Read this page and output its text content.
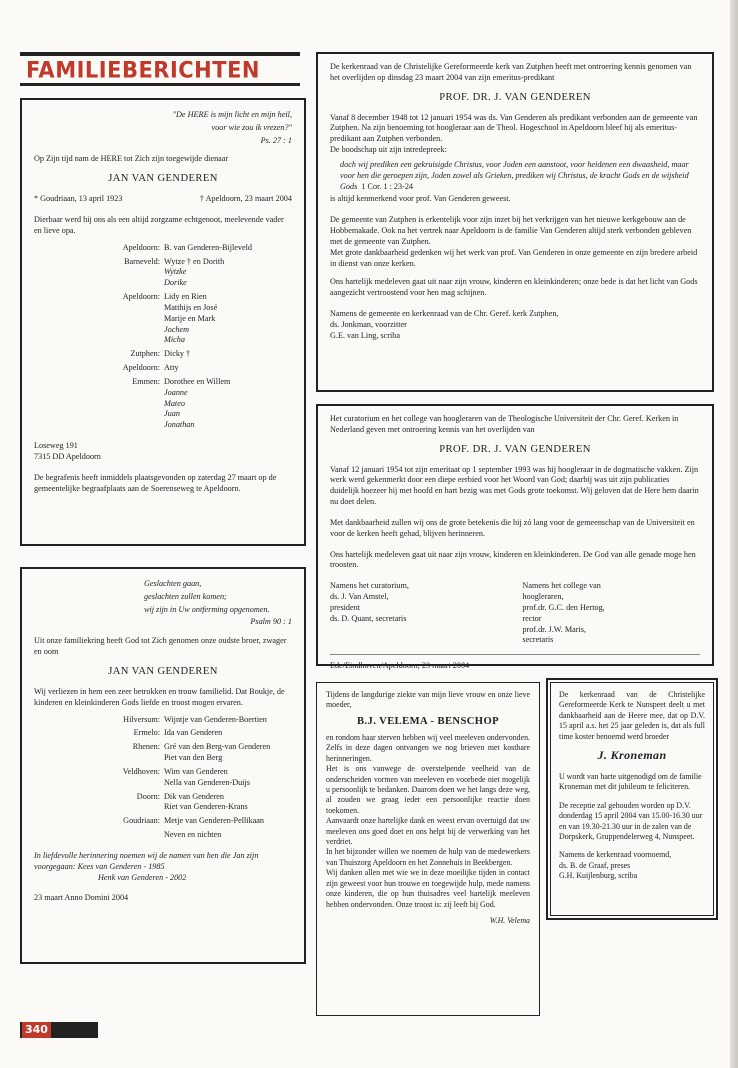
FAMILIEBERICHTEN
"De HERE is mijn licht en mijn heil,
voor wie zou ik vrezen?"
Ps. 27 : 1

Op Zijn tijd nam de HERE tot Zich zijn toegewijde dienaar

JAN VAN GENDEREN
* Goudriaan, 13 april 1923	† Apeldoorn, 23 maart 2004

Dierbaar werd hij ons als een altijd zorgzame echtgenoot, meelevende vader en lieve opa.

Apeldoorn: B. van Genderen-Bijleveld
Barneveld: Wytze † en Dorith
Wytzke
Dorike
Apeldoorn: Lidy en Rien
Matthijs en José
Marije en Mark
Jochem
Micha
Zutphen: Dicky †
Apeldoorn: Atty
Emmen: Dorothee en Willem
Joanne
Mateo
Juan
Jonathan
Loseweg 191
7315 DD Apeldoorn

De begrafenis heeft inmiddels plaatsgevonden op zaterdag 27 maart op de gemeentelijke begraafplaats aan de Soerenseweg te Apeldoorn.

Geslachten gaan,
geslachten zullen komen;
wij zijn in Uw ontferming opgenomen.
Psalm 90 : 1

Uit onze familiekring heeft God tot Zich genomen onze oudste broer, zwager en oom

JAN VAN GENDEREN

Wij verliezen in hem een zeer betrokken en trouw familielid. Dat Boukje, de kinderen en kleinkinderen Gods liefde en troost mogen ervaren.

Hilversum: Wijntje van Genderen-Boertien
Ermelo: Ida van Genderen
Rhenen: Gré van den Berg-van Genderen
Piet van den Berg
Veldhoven: Wim van Genderen
Nella van Genderen-Duijs
Doorn: Dik van Genderen
Riet van Genderen-Krans
Goudriaan: Metje van Genderen-Pellikaan
Neven en nichten

In liefdevolle herinnering noemen wij de namen van hen die Jan zijn voorgegaan: Kees van Genderen - 1985
Henk van Genderen - 2002

23 maart Anno Domini 2004

De kerkenraad van de Christelijke Gereformeerde kerk van Zutphen heeft met ontroering kennis genomen van het overlijden op dinsdag 23 maart 2004 van zijn emeritus-predikant

PROF. DR. J. VAN GENDEREN

Vanaf 8 december 1948 tot 12 januari 1954 was ds. Van Genderen als predikant verbonden aan de gemeente van Zutphen. Na zijn benoeming tot hoogleraar aan de Theol. Hogeschool in Apeldoorn bleef hij als emeritus-predikant aan Zutphen verbonden.
De boodschap uit zijn intredepreek:

doch wij prediken een gekruisigde Christus, voor Joden een aanstoot, voor heidenen een dwaasheid, maar voor hen die geroepen zijn, Joden zowel als Grieken, prediken wij Christus, de kracht Gods en de wijsheid Gods 1 Cor. 1 : 23-24

is altijd kenmerkend voor prof. Van Genderen geweest.

De gemeente van Zutphen is erkentelijk voor zijn inzet bij het verkrijgen van het nieuwe kerkgebouw aan de Hobbemakade. Ook na het vertrek naar Apeldoorn is de familie Van Genderen altijd sterk verbonden gebleven met de gemeente van Zutphen.
Met grote dankbaarheid gedenken wij het werk van prof. Van Genderen in onze gemeente en zijn bredere arbeid in dienst van onze kerken.

Ons hartelijk medeleven gaat uit naar zijn vrouw, kinderen en kleinkinderen; onze bede is dat het licht van Gods aangezicht vertroostend voor hen mag schijnen.

Namens de gemeente en kerkenraad van de Chr. Geref. kerk Zutphen,
ds. Jonkman, voorzitter
G.E. van Ling, scriba

Het curatorium en het college van hoogleraren van de Theologische Universiteit der Chr. Geref. Kerken in Nederland geven met ontroering kennis van het overlijden van

PROF. DR. J. VAN GENDEREN

Vanaf 12 januari 1954 tot zijn emeritaat op 1 september 1993 was hij hoogleraar in de dogmatische vakken. Zijn werk werd gekenmerkt door een diepe eerbied voor het Woord van God; daarbij was uit zijn publicaties duidelijk hoezeer hij met hoofd en hart bezig was met Gods grote toekomst. Wij geloven dat de Here hem daarin nu doet delen.

Met dankbaarheid zullen wij ons de grote betekenis die hij zó lang voor de gemeenschap van de Universiteit en voor de kerken heeft gehad, blijven herinneren.

Ons hartelijk medeleven gaat uit naar zijn vrouw, kinderen en kleinkinderen. De God van alle genade moge hen troosten.

Namens het curatorium,
ds. J. Van Amstel, president
ds. D. Quant, secretaris
Namens het college van hoogleraren,
prof.dr. G.C. den Hertog, rector
prof.dr. J.W. Maris, secretaris
Ede/Eindhoven/Apeldoorn, 23 maart 2004

Tijdens de langdurige ziekte van mijn lieve vrouw en onze lieve moeder,

B.J. VELEMA - BENSCHOP
en rondom haar sterven hebben wij veel meeleven ondervonden. Zelfs in deze dagen ontvangen we nog brieven met kostbare herinneringen.
Het is ons vanwege de overstelpende veelheid van de onderscheiden vormen van meeleven en voorbede niet mogelijk u persoonlijk te bedanken. Daarom doen we het langs deze weg, al zouden we graag ieder een persoonlijke reactie doen toekomen.
Aanvaardt onze hartelijke dank en weest ervan overtuigd dat uw meeleven ons goed doet en ons helpt bij de verwerking van het verdriet.
In het bijzonder willen we noemen de hulp van de medewerkers van Thuiszorg Apeldoorn en het Zonnehuis in Beekbergen.
Wij danken allen met wie we in deze moeilijke tijden in contact zijn geweest voor hun trouwe en toegewijde hulp, mede namens onze kinderen, die op hun thuisadres veel hartelijk meeleven hebben ondervonden. Onze troost is: zij leeft bij God.
W.H. Velema

De kerkenraad van de Christelijke Gereformeerde Kerk te Nunspeet deelt u met dankbaarheid aan de Heere mee, dat op D.V. 15 april a.s. het 25 jaar geleden is, dat als full time koster benoemd werd broeder

J. Kroneman

U wordt van harte uitgenodigd om de familie Kroneman met dit jubileum te feliciteren.

De receptie zal gehouden worden op D.V. donderdag 15 april 2004 van 15.00-16.30 uur en van 19.30-21.30 uur in de zalen van de Dorpskerk, Gruppendelerweg 4, Nunspeet.

Namens de kerkenraad voornoemd,
ds. B. de Graaf, preses
G.H. Kuijlenburg, scriba
340
